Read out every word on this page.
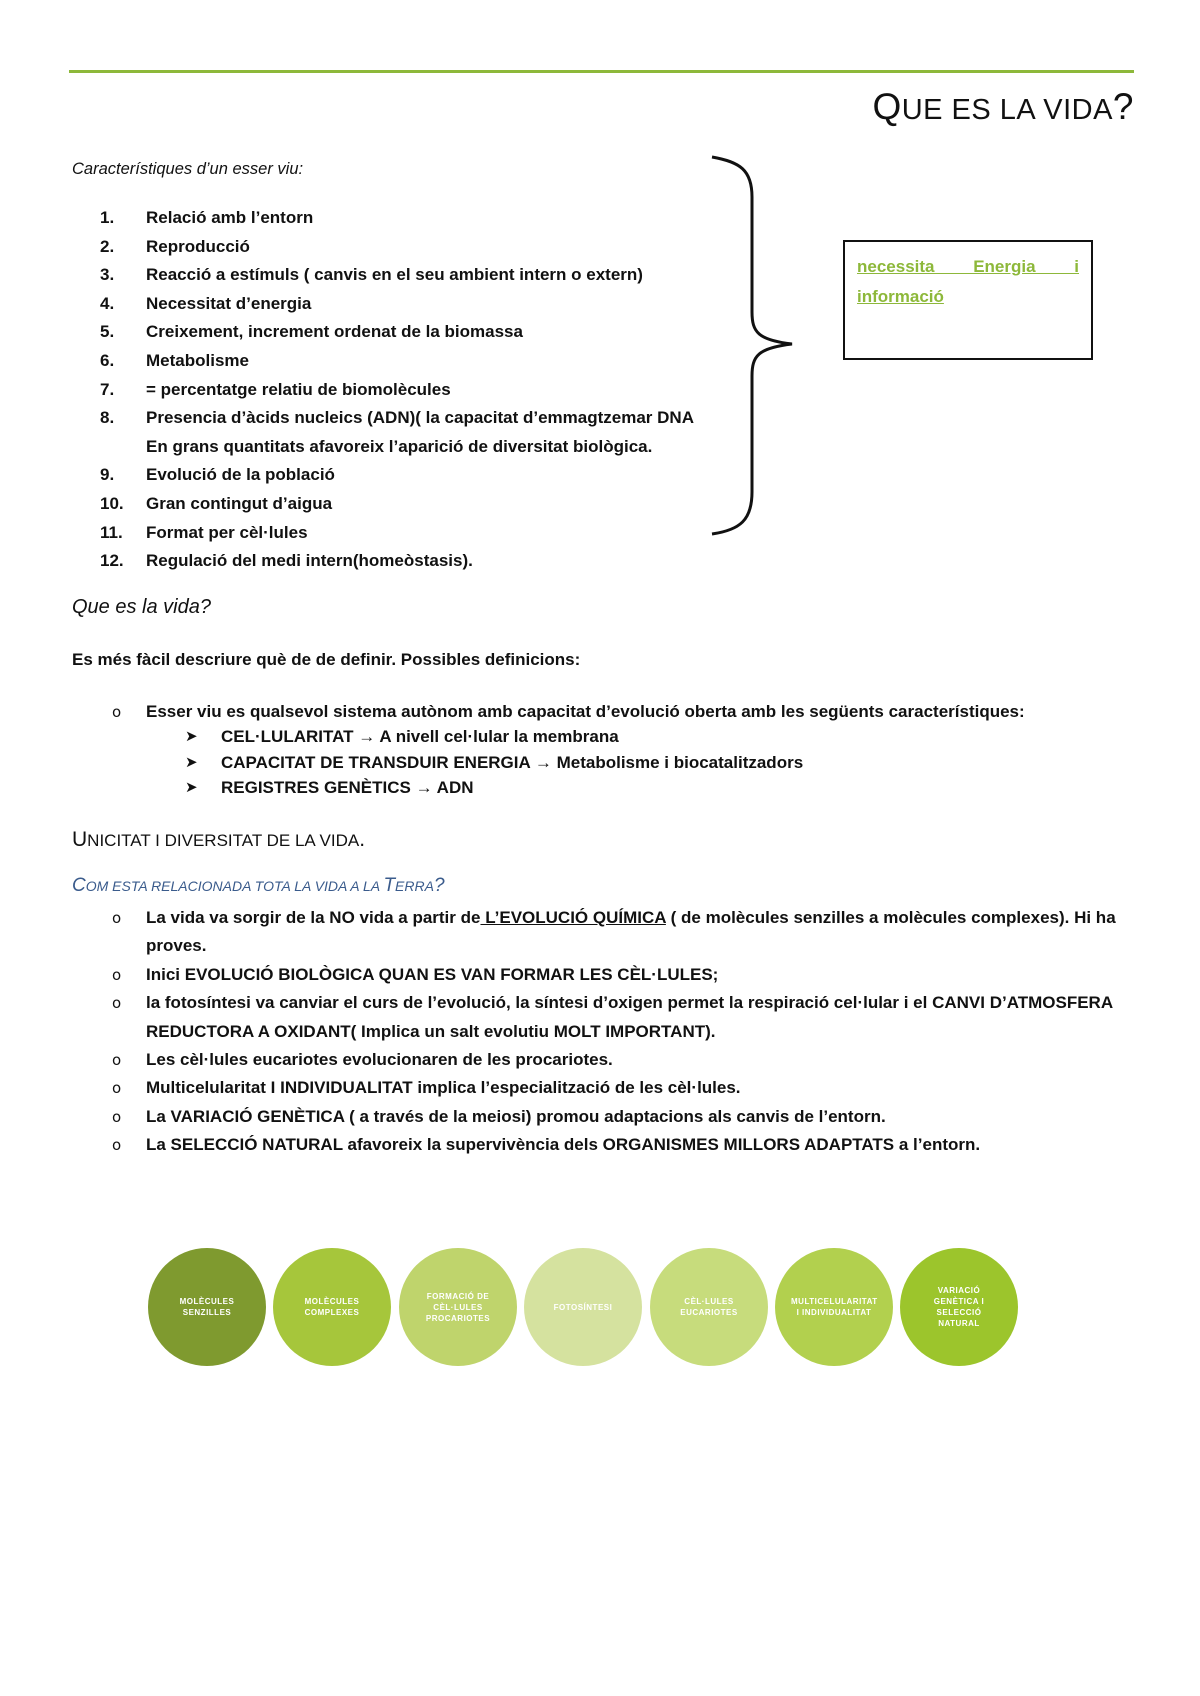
QUE ES LA VIDA?
Característiques d’un esser viu:
1. Relació amb l’entorn
2. Reproducció
3. Reacció a estímuls ( canvis en el seu ambient intern o extern)
4. Necessitat d’energia
5. Creixement, increment ordenat de la biomassa
6. Metabolisme
7. = percentatge relatiu de biomolècules
8. Presencia d’àcids nucleics (ADN)( la capacitat d’emmagtzemar DNA
En grans quantitats afavoreix l’aparició de diversitat biològica.
9. Evolució de la població
10. Gran contingut d’aigua
11. Format per cèl·lules
12. Regulació del medi intern(homeòstasis).
necessita Energia i
informació
Que es la vida?
Es més fàcil descriure què de de definir. Possibles definicions:
o Esser viu es qualsevol sistema autònom amb capacitat d’evolució oberta amb les següents característiques:
➤ CEL·LULARITAT → A nivell cel·lular la membrana
➤ CAPACITAT DE TRANSDUIR ENERGIA → Metabolisme i biocatalitzadors
➤ REGISTRES GENÈTICS → ADN
UNICITAT I DIVERSITAT DE LA VIDA.
COM ESTA RELACIONADA TOTA LA VIDA A LA TERRA?
o La vida va sorgir de la NO vida a partir de L’EVOLUCIÓ QUÍMICA ( de molècules senzilles a molècules complexes). Hi ha proves.
o Inici EVOLUCIÓ BIOLÒGICA QUAN ES VAN FORMAR LES CÈL·LULES;
o la fotosíntesi va canviar el curs de l’evolució, la síntesi d’oxigen permet la respiració cel·lular i el CANVI D’ATMOSFERA REDUCTORA A OXIDANT( Implica un salt evolutiu MOLT IMPORTANT).
o Les cèl·lules eucariotes evolucionaren de les procariotes.
o Multicelularitat I INDIVIDUALITAT implica l’especialització de les cèl·lules.
o La VARIACIÓ GENÈTICA ( a través de la meiosi) promou adaptacions als canvis de l’entorn.
o La SELECCIÓ NATURAL afavoreix la supervivència dels ORGANISMES MILLORS ADAPTATS a l’entorn.
MOLÈCULES SENZILLES
MOLÈCULES COMPLEXES
FORMACIÓ DE CÈL·LULES PROCARIOTES
FOTOSÍNTESI
CÈL·LULES EUCARIOTES
MULTICELULARITAT I INDIVIDUALITAT
VARIACIÓ GENÈTICA I SELECCIÓ NATURAL
